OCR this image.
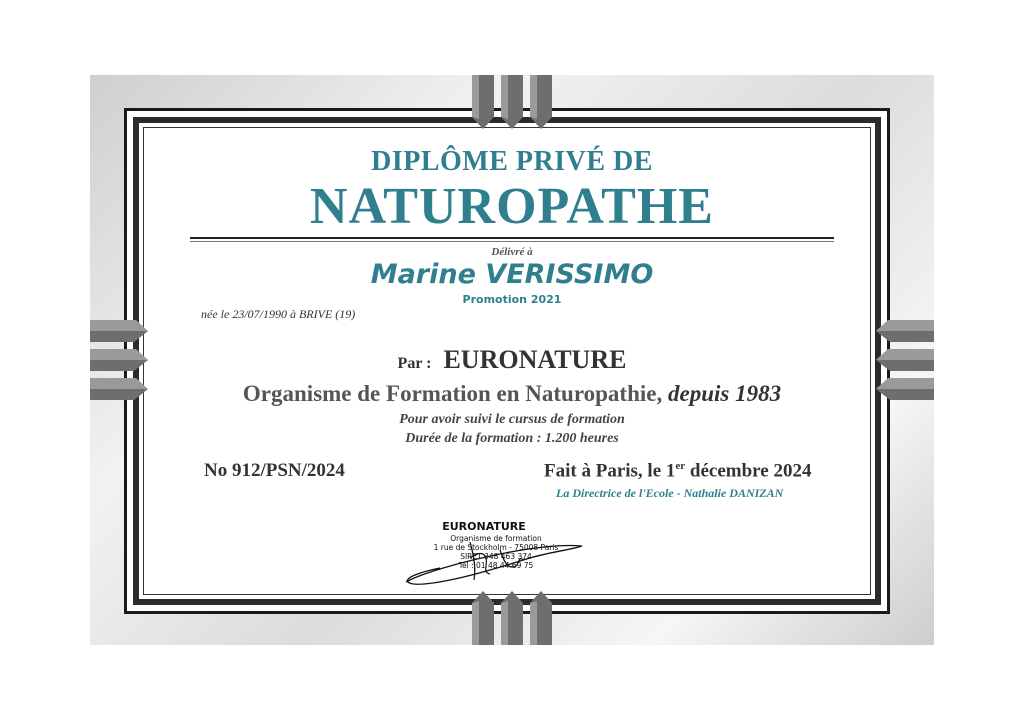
DIPLÔME PRIVÉ DE
NATUROPATHE
Délivré à
Marine VERISSIMO
Promotion 2021
née le 23/07/1990 à BRIVE (19)
Par : EURONATURE
Organisme de Formation en Naturopathie, depuis 1983
Pour avoir suivi le cursus de formation
Durée de la formation : 1.200 heures
No 912/PSN/2024	Fait à Paris, le 1er décembre 2024
La Directrice de l'Ecole - Nathalie DANIZAN
EURONATURE
Organisme de formation
1 rue de Stockholm - 75008 Paris
SIRET 348 463 374
Tél : 01 48 44 69 75
